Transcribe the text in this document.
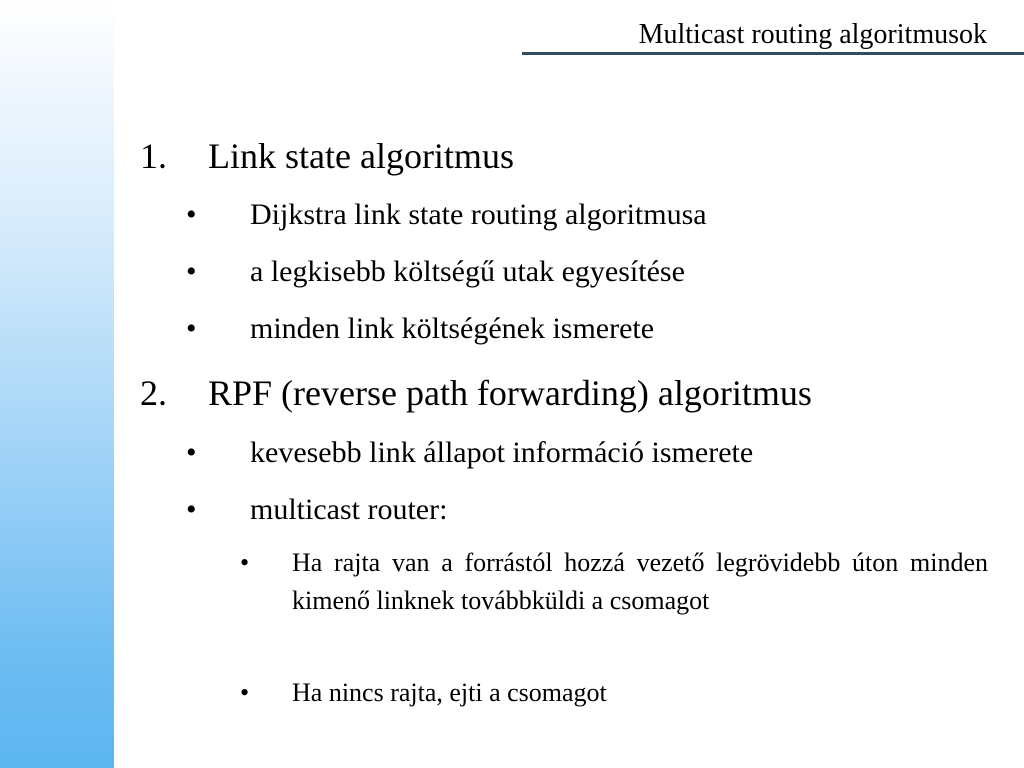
Multicast routing algoritmusok
1. Link state algoritmus
• Dijkstra link state routing algoritmusa
• a legkisebb költségű utak egyesítése
• minden link költségének ismerete
2. RPF (reverse path forwarding) algoritmus
• kevesebb link állapot információ ismerete
• multicast router:
• Ha rajta van a forrástól hozzá vezető legrövidebb úton minden kimenő linknek továbbküldi a csomagot
• Ha nincs rajta, ejti a csomagot
